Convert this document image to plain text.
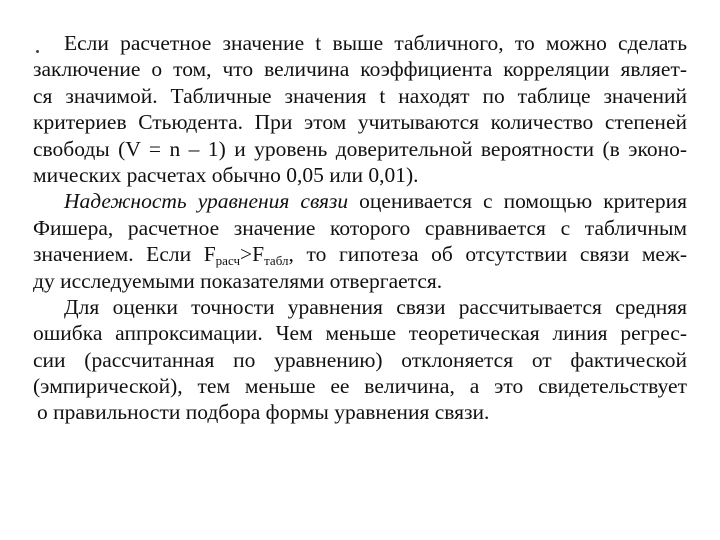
Если расчетное значение t выше табличного, то можно сделать
заключение о том, что величина коэффициента корреляции являет-
ся значимой. Табличные значения t находят по таблице значений
критериев Стьюдента. При этом учитываются количество степеней
свободы (V = n – 1) и уровень доверительной вероятности (в эконо-
мических расчетах обычно 0,05 или 0,01).
Надежность уравнения связи оценивается с помощью критерия
Фишера, расчетное значение которого сравнивается с табличным
значением. Если $F_{расч}>F_{табл}$, то гипотеза об отсутствии связи меж-
ду исследуемыми показателями отвергается.
Для оценки точности уравнения связи рассчитывается средняя
ошибка аппроксимации. Чем меньше теоретическая линия регрес-
сии (рассчитанная по уравнению) отклоняется от фактической
(эмпирической), тем меньше ее величина, а это свидетельствует
о правильности подбора формы уравнения связи.
